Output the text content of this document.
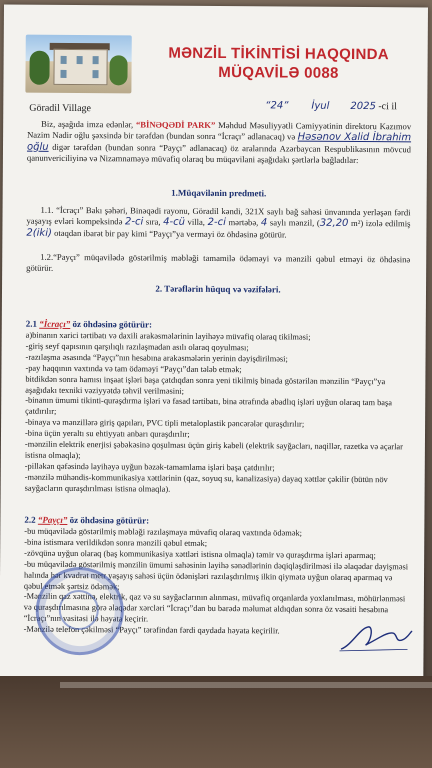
MƏNZİL TİKİNTİSİ HAQQINDA
MÜQAVİLƏ 0088
Göradil Village	“24” İyul 2025 -ci il
Biz, aşağıda imza edənlər, “BİNƏQƏDİ PARK” Məhdud Məsuliyyətli Cəmiyyətinin direktoru Kazımov Nazim Nadir oğlu şəxsində bir tərəfdən (bundan sonra “İcraçı” adlanacaq) və Həsənov Xalid İbrahim oğlu digər tərəfdən (bundan sonra “Payçı” adlanacaq) öz aralarında Azərbaycan Respublikasının mövcud qanunvericiliyinə və Nizamnaməyə müvafiq olaraq bu müqavilani aşağıdakı şərtlərlə bağladılar:
1.Müqavilənin predmeti.
1.1. “İcraçı” Bakı şəhəri, Binəqədi rayonu, Göradil kəndi, 321X saylı bağ sahəsi ünvanında yerləşən fərdi yaşayış evləri kompeksində 2-ci sıra, 4-cü villa, 2-ci mərtəbə, 4 saylı mənzil, (32,20 m²) izolə edilmiş 2(iki) otaqdan ibarət bir pay kimi “Payçı”ya vermayi öz öhdəsinə götürür.
1.2.“Payçı” müqavilədə göstərilmiş məbləği tamamilə ödəməyi və mənzili qəbul etməyi öz öhdəsinə götürür.
2. Tərəflərin hüquq və vəzifələri.
2.1 “İcraçı” öz öhdəsinə götürür:
a)binanın xarici tərtibatı və daxili arakəsmələrinin layihəyə müvafiq olaraq tikilməsi;
-giriş seyf qapısının qarşılıqlı razılaşmadan asılı olaraq qoyulması;
-razılaşma əsasında “Payçı”nın hesabına arakəsmələrin yerinin dəyişdirilməsi;
-pay haqqının vaxtında və tam ödəməyi “Payçı”dan tələb etmək;
bitdikdən sonra hamısı inşaat işləri başa çatdıqdan sonra yeni tikilmiş binada göstərilən mənzilin “Payçı”ya aşağıdakı texniki vəziyyətdə təhvil verilməsini;
-binanın ümumi tikinti-quraşdırma işləri və fasad tərtibatı, bina ətrafında abadlıq işləri uyğun olaraq tam başa çatdırılır;
-binaya və mənzillərə giriş qapıları, PVC tipli metaloplastik pəncərələr quraşdırılır;
-bina üçün yeraltı su ehtiyyatı anbarı quraşdırılır;
-mənzilin elektrik enerjisi şəbəkəsinə qoşulması üçün giriş kabeli (elektrik sayğacları, naqillər, razetka və açarlar istisna olmaqla);
-pilləkən qəfəsində layihəyə uyğun bəzək-tamamlama işləri başa çatdırılır;
-mənzilə mühəndis-kommunikasiya xəttlərinin (qaz, soyuq su, kanalizasiya) dayaq xəttlər çəkilir (bütün növ sayğacların quraşdırılması istisna olmaqla).
2.2 “Payçı” öz öhdəsinə götürür:
-bu müqavilədə göstərilmiş məbləği razılaşmaya müvafiq olaraq vaxtında ödəmək;
-bina istismara verildikdən sonra mənzili qəbul etmək;
-zövqünə uyğun olaraq (baş kommunikasiya xəttləri istisna olmaqla) təmir və quraşdırma işləri aparmaq;
-bu müqavilədə göstərilmiş mənzilin ümumi sahəsinin layihə sənədlərinin dəqiqləşdirilməsi ilə əlaqədar dəyişməsi halında hər kvadrat metr yaşayış sahəsi üçün ödənişləri razılaşdırılmış ilkin qiymətə uyğun olaraq aparmaq və qəbul etmək şərtsiz ödəmək;
-Mənzilin qaz xəttinə, elektrik, qaz və su sayğaclarının alınması, müvafiq orqanlarda yoxlanılması, möhürlənməsi və quraşdırılmasına görə əlaqədar xərcləri “İcraçı”dan bu barədə məlumat aldıqdan sonra öz vəsaiti hesabına “İcraçı”nın vasitəsi ilə həyata keçirir.
-Mənzilə telefon çəkilməsi “Payçı” tərəfindən fərdi qaydada həyata keçirilir.
